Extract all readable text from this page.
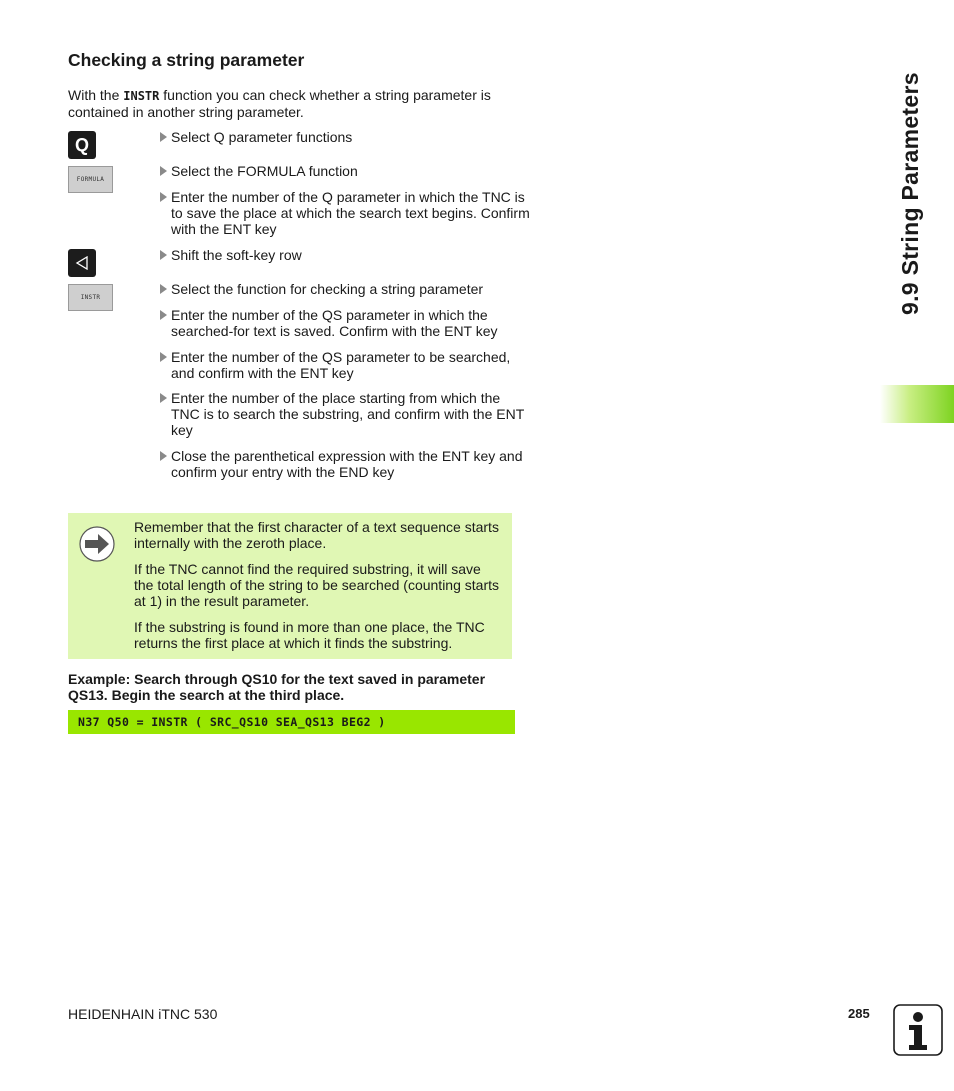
Checking a string parameter
With the INSTR function you can check whether a string parameter is contained in another string parameter.
Q
FORMULA
INSTR
Select Q parameter functions
Select the FORMULA function
Enter the number of the Q parameter in which the TNC is to save the place at which the search text begins. Confirm with the ENT key
Shift the soft-key row
Select the function for checking a string parameter
Enter the number of the QS parameter in which the searched-for text is saved. Confirm with the ENT key
Enter the number of the QS parameter to be searched, and confirm with the ENT key
Enter the number of the place starting from which the TNC is to search the substring, and confirm with the ENT key
Close the parenthetical expression with the ENT key and confirm your entry with the END key
Remember that the first character of a text sequence starts internally with the zeroth place.
If the TNC cannot find the required substring, it will save the total length of the string to be searched (counting starts at 1) in the result parameter.
If the substring is found in more than one place, the TNC returns the first place at which it finds the substring.
Example: Search through QS10 for the text saved in parameter QS13. Begin the search at the third place.
N37 Q50 = INSTR ( SRC_QS10 SEA_QS13 BEG2 )
9.9 String Parameters
HEIDENHAIN iTNC 530	285
